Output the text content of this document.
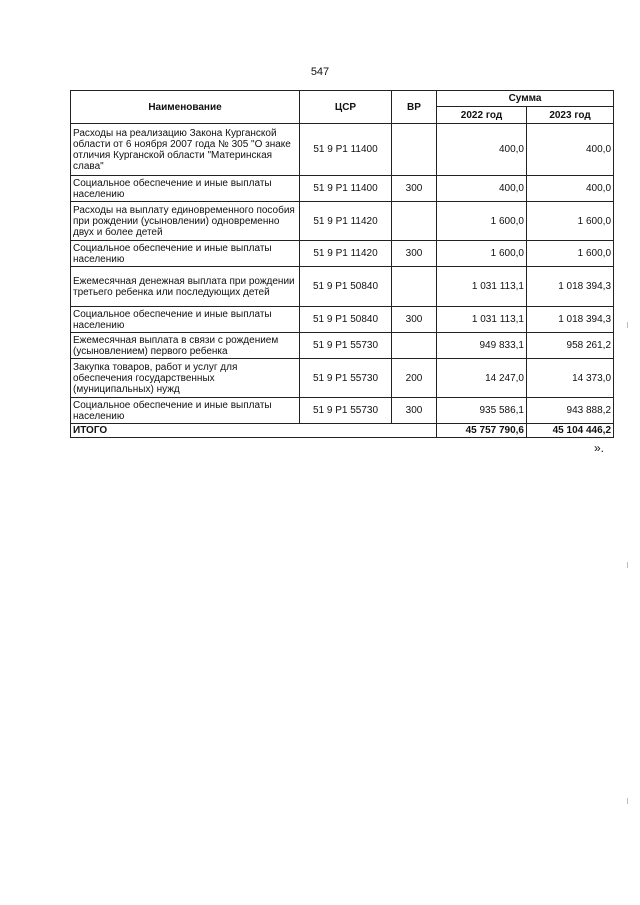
547
Наименование	ЦСР	ВР	Сумма	
			2022 год	2023 год
Расходы на реализацию Закона Курганской области от 6 ноября 2007 года № 305 "О знаке отличия Курганской области "Материнская слава"	51 9 Р1 11400		400,0	400,0
Социальное обеспечение и иные выплаты населению	51 9 Р1 11400	300	400,0	400,0
Расходы на выплату единовременного пособия при рождении (усыновлении) одновременно двух и более детей	51 9 Р1 11420		1 600,0	1 600,0
Социальное обеспечение и иные выплаты населению	51 9 Р1 11420	300	1 600,0	1 600,0
Ежемесячная денежная выплата при рождении третьего ребенка или последующих детей	51 9 Р1 50840		1 031 113,1	1 018 394,3
Социальное обеспечение и иные выплаты населению	51 9 Р1 50840	300	1 031 113,1	1 018 394,3
Ежемесячная выплата в связи с рождением (усыновлением) первого ребенка	51 9 Р1 55730		949 833,1	958 261,2
Закупка товаров, работ и услуг для обеспечения государственных (муниципальных) нужд	51 9 Р1 55730	200	14 247,0	14 373,0
Социальное обеспечение и иные выплаты населению	51 9 Р1 55730	300	935 586,1	943 888,2
ИТОГО			45 757 790,6	45 104 446,2
».
